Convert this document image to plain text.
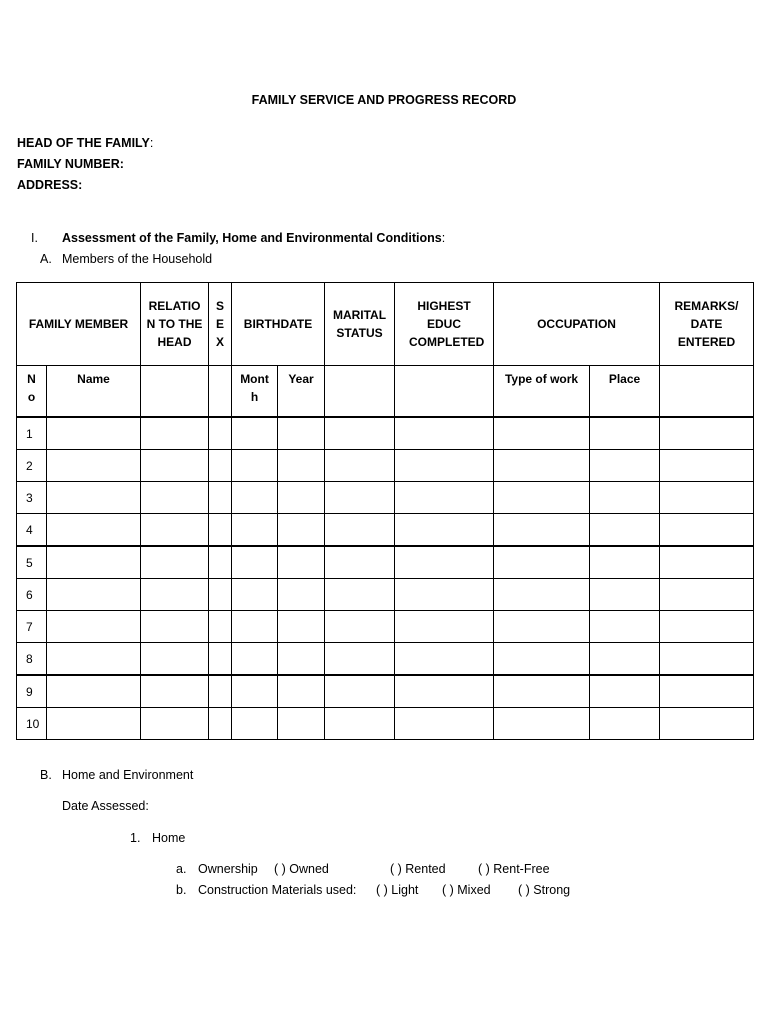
FAMILY SERVICE AND PROGRESS RECORD
HEAD OF THE FAMILY:
FAMILY NUMBER:
ADDRESS:
I. Assessment of the Family, Home and Environmental Conditions:
A. Members of the Household
FAMILY MEMBER		RELATIO N TO THE HEAD	S E X	BIRTHDATE		MARITAL STATUS	HIGHEST EDUC COMPLETED	OCCUPATION		REMARKS/ DATE ENTERED
N o	Name			Mont h	Year			Type of work	Place	
1										
2										
3										
4										
5										
6										
7										
8										
9										
10										
B. Home and Environment
Date Assessed:
1. Home
a. Ownership ( ) Owned	( ) Rented	( ) Rent-Free
b. Construction Materials used: ( ) Light ( ) Mixed ( ) Strong
